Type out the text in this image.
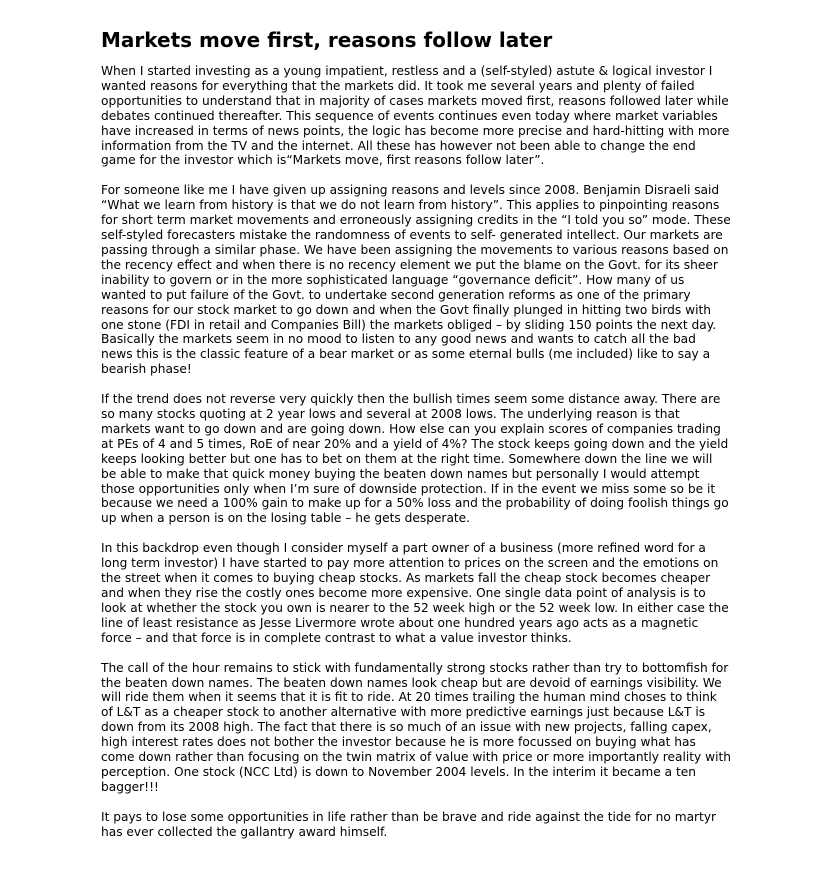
Markets move first, reasons follow later

When I started investing as a young impatient, restless and a (self-styled) astute & logical investor I wanted reasons for everything that the markets did. It took me several years and plenty of failed opportunities to understand that in majority of cases markets moved first, reasons followed later while debates continued thereafter. This sequence of events continues even today where market variables have increased in terms of news points, the logic has become more precise and hard-hitting with more information from the TV and the internet. All these has however not been able to change the end game for the investor which is“Markets move, first reasons follow later”.

For someone like me I have given up assigning reasons and levels since 2008. Benjamin Disraeli said “What we learn from history is that we do not learn from history”. This applies to pinpointing reasons for short term market movements and erroneously assigning credits in the “I told you so” mode. These self-styled forecasters mistake the randomness of events to self- generated intellect. Our markets are passing through a similar phase. We have been assigning the movements to various reasons based on the recency effect and when there is no recency element we put the blame on the Govt. for its sheer inability to govern or in the more sophisticated language “governance deficit”. How many of us wanted to put failure of the Govt. to undertake second generation reforms as one of the primary reasons for our stock market to go down and when the Govt finally plunged in hitting two birds with one stone (FDI in retail and Companies Bill) the markets obliged – by sliding 150 points the next day. Basically the markets seem in no mood to listen to any good news and wants to catch all the bad news this is the classic feature of a bear market or as some eternal bulls (me included) like to say a bearish phase!

If the trend does not reverse very quickly then the bullish times seem some distance away. There are so many stocks quoting at 2 year lows and several at 2008 lows. The underlying reason is that markets want to go down and are going down. How else can you explain scores of companies trading at PEs of 4 and 5 times, RoE of near 20% and a yield of 4%? The stock keeps going down and the yield keeps looking better but one has to bet on them at the right time. Somewhere down the line we will be able to make that quick money buying the beaten down names but personally I would attempt those opportunities only when I’m sure of downside protection. If in the event we miss some so be it because we need a 100% gain to make up for a 50% loss and the probability of doing foolish things go up when a person is on the losing table – he gets desperate.

In this backdrop even though I consider myself a part owner of a business (more refined word for a long term investor) I have started to pay more attention to prices on the screen and the emotions on the street when it comes to buying cheap stocks. As markets fall the cheap stock becomes cheaper and when they rise the costly ones become more expensive. One single data point of analysis is to look at whether the stock you own is nearer to the 52 week high or the 52 week low. In either case the line of least resistance as Jesse Livermore wrote about one hundred years ago acts as a magnetic force – and that force is in complete contrast to what a value investor thinks.

The call of the hour remains to stick with fundamentally strong stocks rather than try to bottomfish for the beaten down names. The beaten down names look cheap but are devoid of earnings visibility. We will ride them when it seems that it is fit to ride. At 20 times trailing the human mind choses to think of L&T as a cheaper stock to another alternative with more predictive earnings just because L&T is down from its 2008 high. The fact that there is so much of an issue with new projects, falling capex, high interest rates does not bother the investor because he is more focussed on buying what has come down rather than focusing on the twin matrix of value with price or more importantly reality with perception. One stock (NCC Ltd) is down to November 2004 levels. In the interim it became a ten bagger!!!

It pays to lose some opportunities in life rather than be brave and ride against the tide for no martyr has ever collected the gallantry award himself.
